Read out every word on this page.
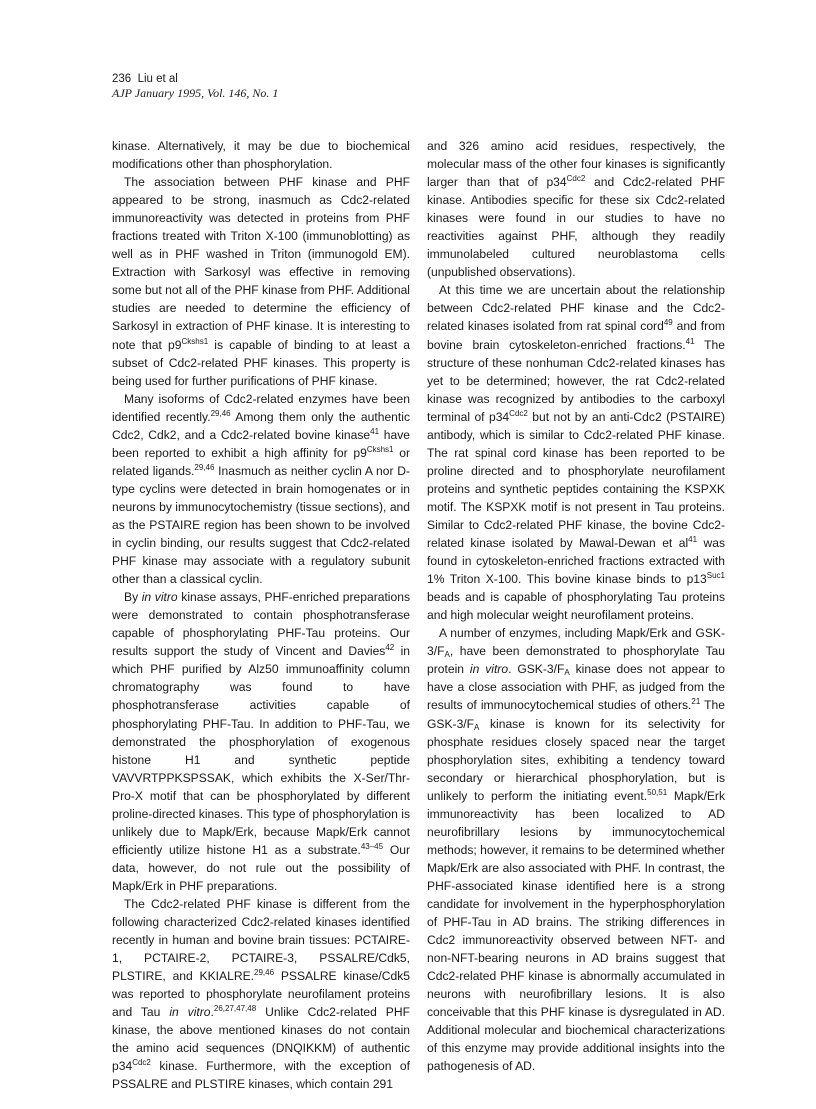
236 Liu et al
AJP January 1995, Vol. 146, No. 1

kinase. Alternatively, it may be due to biochemical modifications other than phosphorylation.

The association between PHF kinase and PHF appeared to be strong, inasmuch as Cdc2-related immunoreactivity was detected in proteins from PHF fractions treated with Triton X-100 (immunoblotting) as well as in PHF washed in Triton (immunogold EM). Extraction with Sarkosyl was effective in removing some but not all of the PHF kinase from PHF. Additional studies are needed to determine the efficiency of Sarkosyl in extraction of PHF kinase. It is interesting to note that $p9^{Ckshs1}$ is capable of binding to at least a subset of Cdc2-related PHF kinases. This property is being used for further purifications of PHF kinase.

Many isoforms of Cdc2-related enzymes have been identified recently.$^{29,46}$ Among them only the authentic Cdc2, Cdk2, and a Cdc2-related bovine kinase$^{41}$ have been reported to exhibit a high affinity for $p9^{Ckshs1}$ or related ligands.$^{29,46}$ Inasmuch as neither cyclin A nor D-type cyclins were detected in brain homogenates or in neurons by immunocytochemistry (tissue sections), and as the PSTAIRE region has been shown to be involved in cyclin binding, our results suggest that Cdc2-related PHF kinase may associate with a regulatory subunit other than a classical cyclin.

By in vitro kinase assays, PHF-enriched preparations were demonstrated to contain phosphotransferase capable of phosphorylating PHF-Tau proteins. Our results support the study of Vincent and Davies$^{42}$ in which PHF purified by Alz50 immunoaffinity column chromatography was found to have phosphotransferase activities capable of phosphorylating PHF-Tau. In addition to PHF-Tau, we demonstrated the phosphorylation of exogenous histone H1 and synthetic peptide VAVVRTPPKSPSSAK, which exhibits the X-Ser/Thr-Pro-X motif that can be phosphorylated by different proline-directed kinases. This type of phosphorylation is unlikely due to Mapk/Erk, because Mapk/Erk cannot efficiently utilize histone H1 as a substrate.$^{43-45}$ Our data, however, do not rule out the possibility of Mapk/Erk in PHF preparations.

The Cdc2-related PHF kinase is different from the following characterized Cdc2-related kinases identified recently in human and bovine brain tissues: PCTAIRE-1, PCTAIRE-2, PCTAIRE-3, PSSALRE/Cdk5, PLSTIRE, and KKIALRE.$^{29,46}$ PSSALRE kinase/Cdk5 was reported to phosphorylate neurofilament proteins and Tau in vitro.$^{26,27,47,48}$ Unlike Cdc2-related PHF kinase, the above mentioned kinases do not contain the amino acid sequences (DNQIKKM) of authentic $p34^{Cdc2}$ kinase. Furthermore, with the exception of PSSALRE and PLSTIRE kinases, which contain 291

and 326 amino acid residues, respectively, the molecular mass of the other four kinases is significantly larger than that of $p34^{Cdc2}$ and Cdc2-related PHF kinase. Antibodies specific for these six Cdc2-related kinases were found in our studies to have no reactivities against PHF, although they readily immunolabeled cultured neuroblastoma cells (unpublished observations).

At this time we are uncertain about the relationship between Cdc2-related PHF kinase and the Cdc2-related kinases isolated from rat spinal cord$^{49}$ and from bovine brain cytoskeleton-enriched fractions.$^{41}$ The structure of these nonhuman Cdc2-related kinases has yet to be determined; however, the rat Cdc2-related kinase was recognized by antibodies to the carboxyl terminal of $p34^{Cdc2}$ but not by an anti-Cdc2 (PSTAIRE) antibody, which is similar to Cdc2-related PHF kinase. The rat spinal cord kinase has been reported to be proline directed and to phosphorylate neurofilament proteins and synthetic peptides containing the KSPXK motif. The KSPXK motif is not present in Tau proteins. Similar to Cdc2-related PHF kinase, the bovine Cdc2-related kinase isolated by Mawal-Dewan et $al^{41}$ was found in cytoskeleton-enriched fractions extracted with 1% Triton X-100. This bovine kinase binds to $p13^{Suc1}$ beads and is capable of phosphorylating Tau proteins and high molecular weight neurofilament proteins.

A number of enzymes, including Mapk/Erk and GSK-$3/F_A$, have been demonstrated to phosphorylate Tau protein in vitro. GSK-$3/F_A$ kinase does not appear to have a close association with PHF, as judged from the results of immunocytochemical studies of others.$^{21}$ The GSK-$3/F_A$ kinase is known for its selectivity for phosphate residues closely spaced near the target phosphorylation sites, exhibiting a tendency toward secondary or hierarchical phosphorylation, but is unlikely to perform the initiating event.$^{50,51}$ Mapk/Erk immunoreactivity has been localized to AD neurofibrillary lesions by immunocytochemical methods; however, it remains to be determined whether Mapk/Erk are also associated with PHF. In contrast, the PHF-associated kinase identified here is a strong candidate for involvement in the hyperphosphorylation of PHF-Tau in AD brains. The striking differences in Cdc2 immunoreactivity observed between NFT- and non-NFT-bearing neurons in AD brains suggest that Cdc2-related PHF kinase is abnormally accumulated in neurons with neurofibrillary lesions. It is also conceivable that this PHF kinase is dysregulated in AD. Additional molecular and biochemical characterizations of this enzyme may provide additional insights into the pathogenesis of AD.
